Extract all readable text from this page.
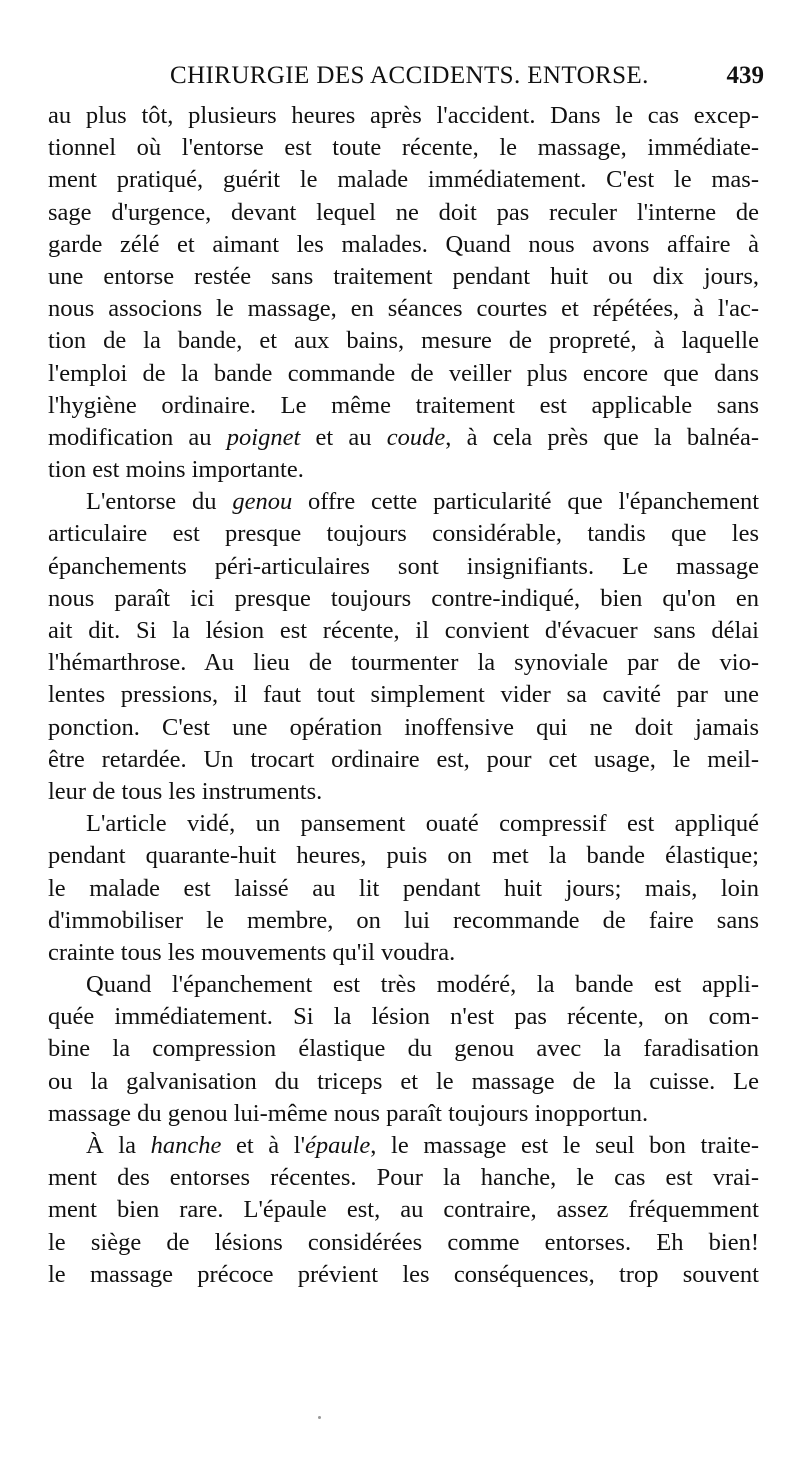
CHIRURGIE DES ACCIDENTS. ENTORSE.	439
au plus tôt, plusieurs heures après l'accident. Dans le cas excep-
tionnel où l'entorse est toute récente, le massage, immédiate-
ment pratiqué, guérit le malade immédiatement. C'est le mas-
sage d'urgence, devant lequel ne doit pas reculer l'interne de
garde zélé et aimant les malades. Quand nous avons affaire à
une entorse restée sans traitement pendant huit ou dix jours,
nous associons le massage, en séances courtes et répétées, à l'ac-
tion de la bande, et aux bains, mesure de propreté, à laquelle
l'emploi de la bande commande de veiller plus encore que dans
l'hygiène ordinaire. Le même traitement est applicable sans
modification au poignet et au coude, à cela près que la balnéa-
tion est moins importante.
L'entorse du genou offre cette particularité que l'épanchement
articulaire est presque toujours considérable, tandis que les
épanchements péri-articulaires sont insignifiants. Le massage
nous paraît ici presque toujours contre-indiqué, bien qu'on en
ait dit. Si la lésion est récente, il convient d'évacuer sans délai
l'hémarthrose. Au lieu de tourmenter la synoviale par de vio-
lentes pressions, il faut tout simplement vider sa cavité par une
ponction. C'est une opération inoffensive qui ne doit jamais
être retardée. Un trocart ordinaire est, pour cet usage, le meil-
leur de tous les instruments.
L'article vidé, un pansement ouaté compressif est appliqué
pendant quarante-huit heures, puis on met la bande élastique;
le malade est laissé au lit pendant huit jours; mais, loin
d'immobiliser le membre, on lui recommande de faire sans
crainte tous les mouvements qu'il voudra.
Quand l'épanchement est très modéré, la bande est appli-
quée immédiatement. Si la lésion n'est pas récente, on com-
bine la compression élastique du genou avec la faradisation
ou la galvanisation du triceps et le massage de la cuisse. Le
massage du genou lui-même nous paraît toujours inopportun.
À la hanche et à l'épaule, le massage est le seul bon traite-
ment des entorses récentes. Pour la hanche, le cas est vrai-
ment bien rare. L'épaule est, au contraire, assez fréquemment
le siège de lésions considérées comme entorses. Eh bien!
le massage précoce prévient les conséquences, trop souvent
